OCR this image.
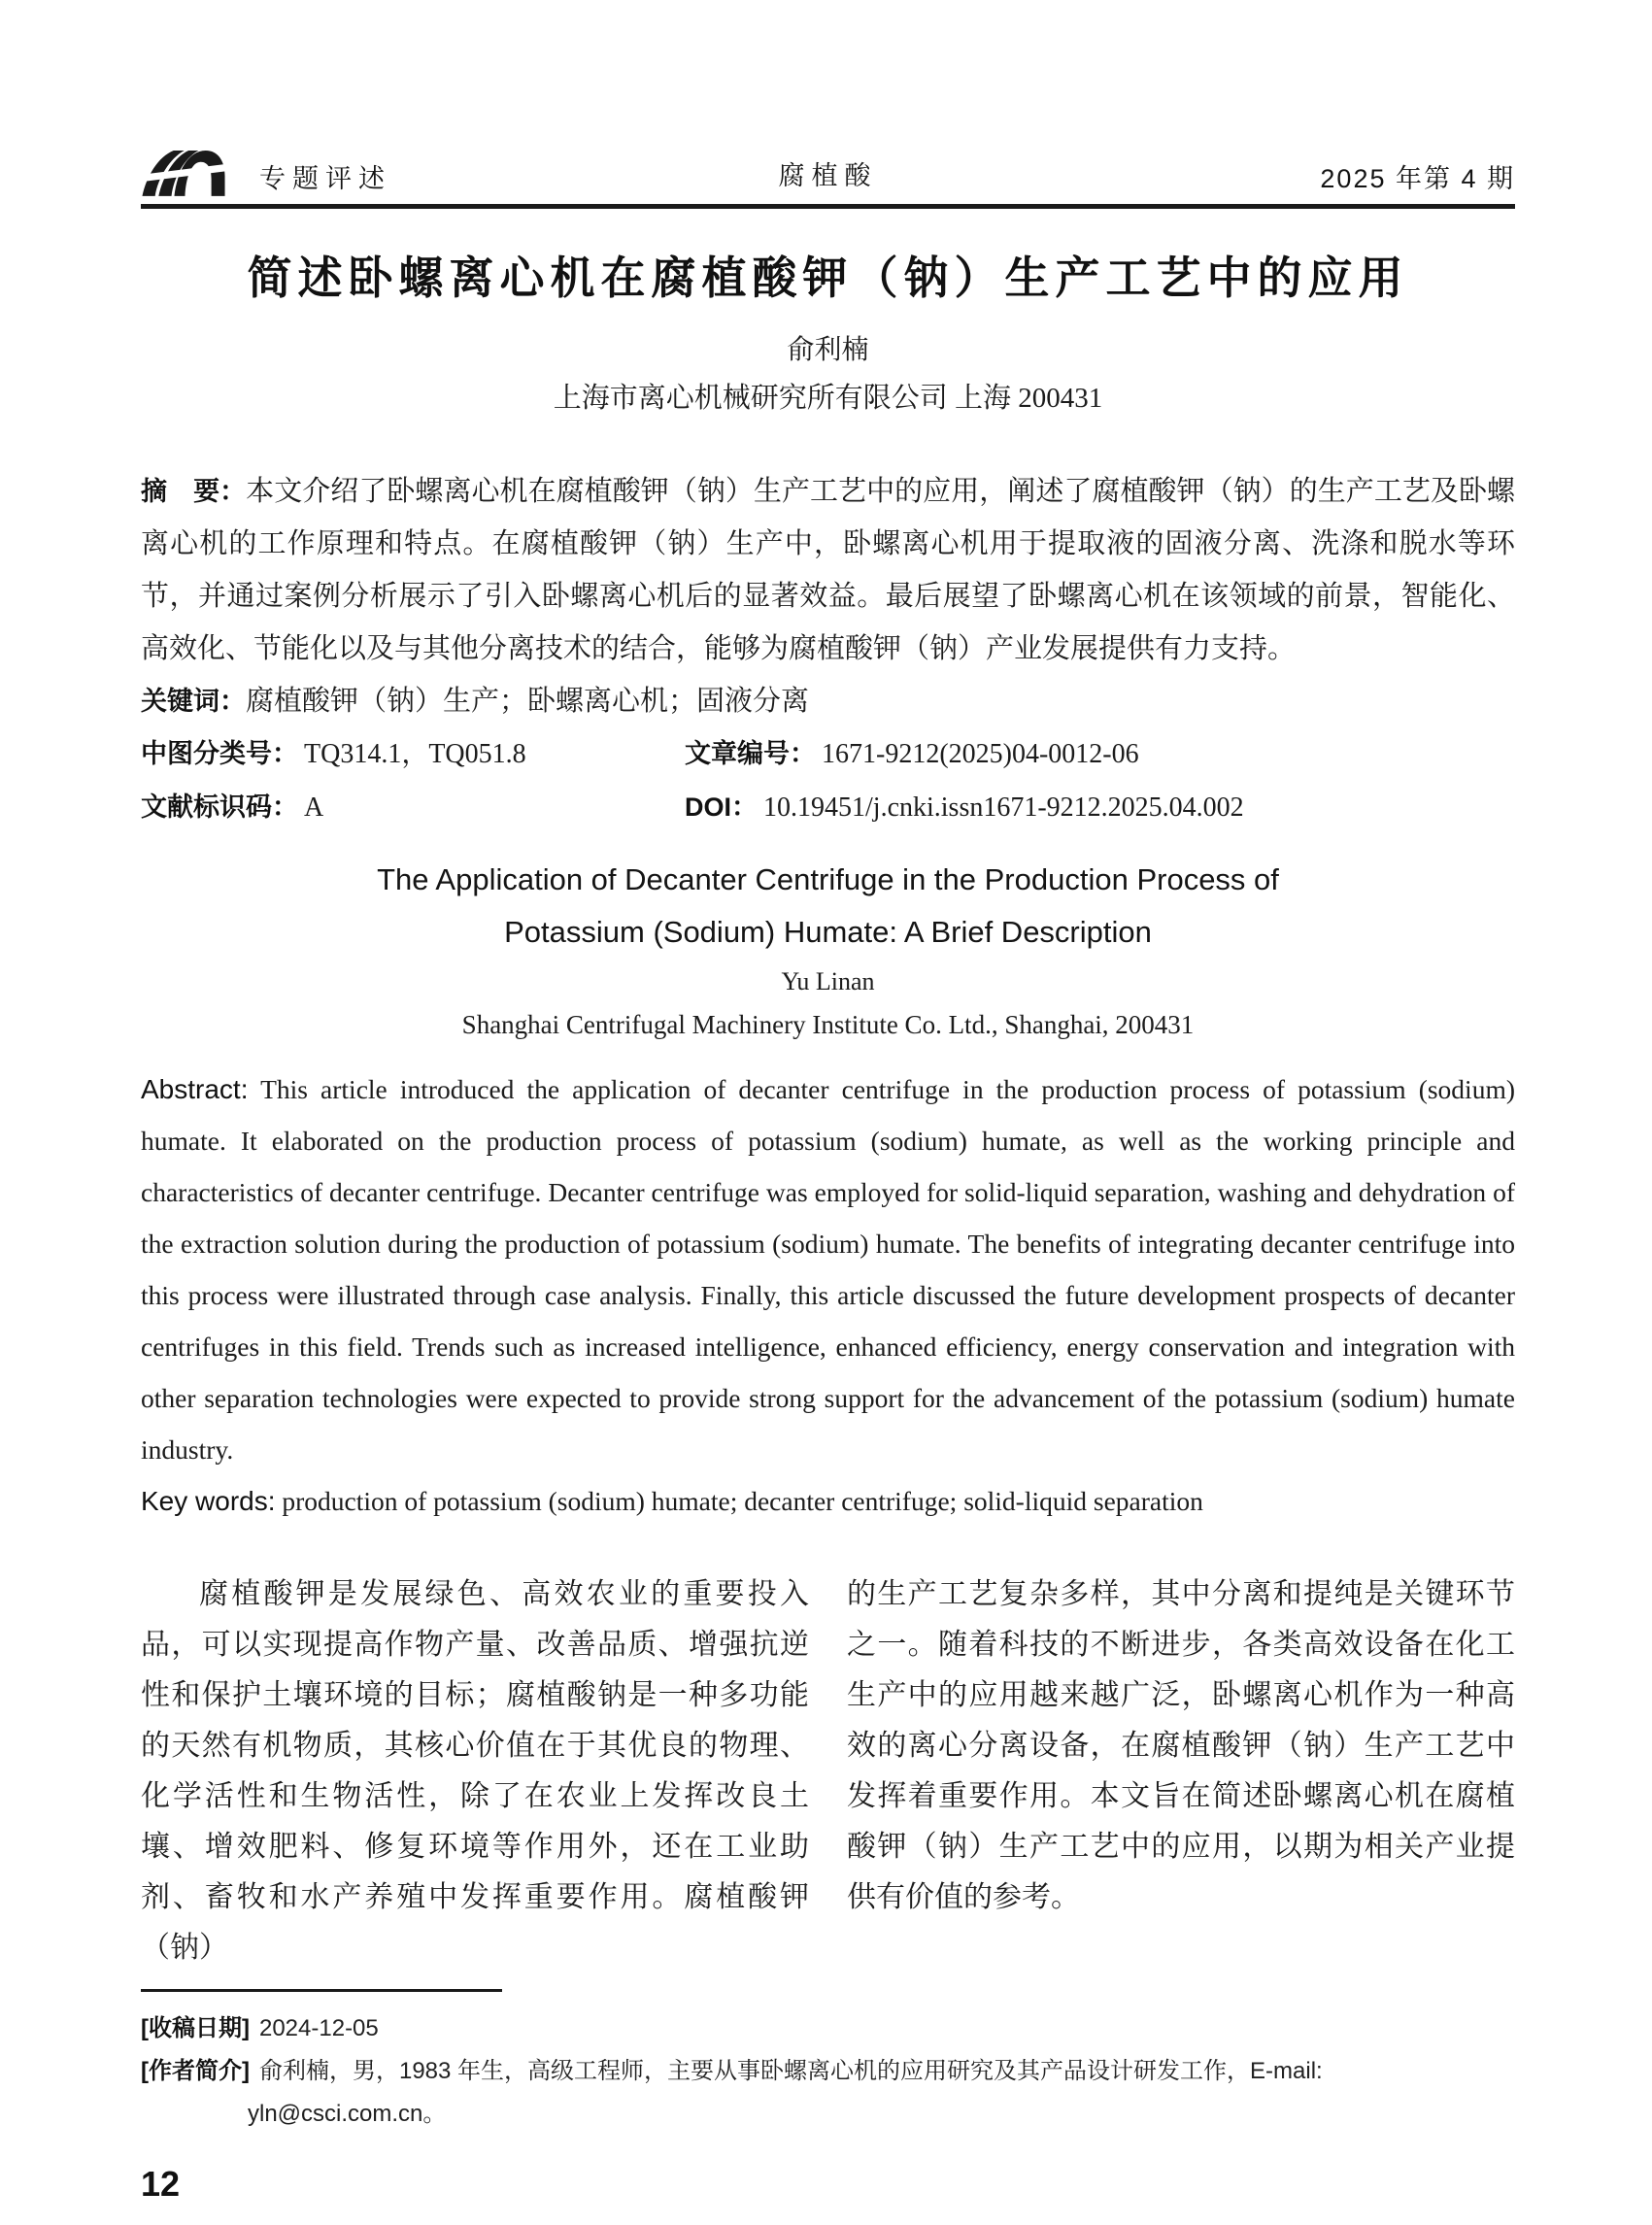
专题评述	腐植酸	2025 年第 4 期
简述卧螺离心机在腐植酸钾（钠）生产工艺中的应用

俞利楠

上海市离心机械研究所有限公司 上海 200431

摘　要：本文介绍了卧螺离心机在腐植酸钾（钠）生产工艺中的应用，阐述了腐植酸钾（钠）的生产工艺及卧螺离心机的工作原理和特点。在腐植酸钾（钠）生产中，卧螺离心机用于提取液的固液分离、洗涤和脱水等环节，并通过案例分析展示了引入卧螺离心机后的显著效益。最后展望了卧螺离心机在该领域的前景，智能化、高效化、节能化以及与其他分离技术的结合，能够为腐植酸钾（钠）产业发展提供有力支持。

关键词：腐植酸钾（钠）生产；卧螺离心机；固液分离

中图分类号： TQ314.1，TQ051.8	文章编号： 1671-9212(2025)04-0012-06

文献标识码： A	DOI： 10.19451/j.cnki.issn1671-9212.2025.04.002

The Application of Decanter Centrifuge in the Production Process of
Potassium (Sodium) Humate: A Brief Description

Yu Linan

Shanghai Centrifugal Machinery Institute Co. Ltd., Shanghai, 200431

Abstract: This article introduced the application of decanter centrifuge in the production process of potassium (sodium) humate. It elaborated on the production process of potassium (sodium) humate, as well as the working principle and characteristics of decanter centrifuge. Decanter centrifuge was employed for solid-liquid separation, washing and dehydration of the extraction solution during the production of potassium (sodium) humate. The benefits of integrating decanter centrifuge into this process were illustrated through case analysis. Finally, this article discussed the future development prospects of decanter centrifuges in this field. Trends such as increased intelligence, enhanced efficiency, energy conservation and integration with other separation technologies were expected to provide strong support for the advancement of the potassium (sodium) humate industry.

Key words: production of potassium (sodium) humate; decanter centrifuge; solid-liquid separation

腐植酸钾是发展绿色、高效农业的重要投入品，可以实现提高作物产量、改善品质、增强抗逆性和保护土壤环境的目标；腐植酸钠是一种多功能的天然有机物质，其核心价值在于其优良的物理、化学活性和生物活性，除了在农业上发挥改良土壤、增效肥料、修复环境等作用外，还在工业助剂、畜牧和水产养殖中发挥重要作用。腐植酸钾（钠）

的生产工艺复杂多样，其中分离和提纯是关键环节之一。随着科技的不断进步，各类高效设备在化工生产中的应用越来越广泛，卧螺离心机作为一种高效的离心分离设备，在腐植酸钾（钠）生产工艺中发挥着重要作用。本文旨在简述卧螺离心机在腐植酸钾（钠）生产工艺中的应用，以期为相关产业提供有价值的参考。

[收稿日期] 2024-12-05

[作者简介] 俞利楠，男，1983 年生，高级工程师，主要从事卧螺离心机的应用研究及其产品设计研发工作，E-mail:

yln@csci.com.cn。

12
